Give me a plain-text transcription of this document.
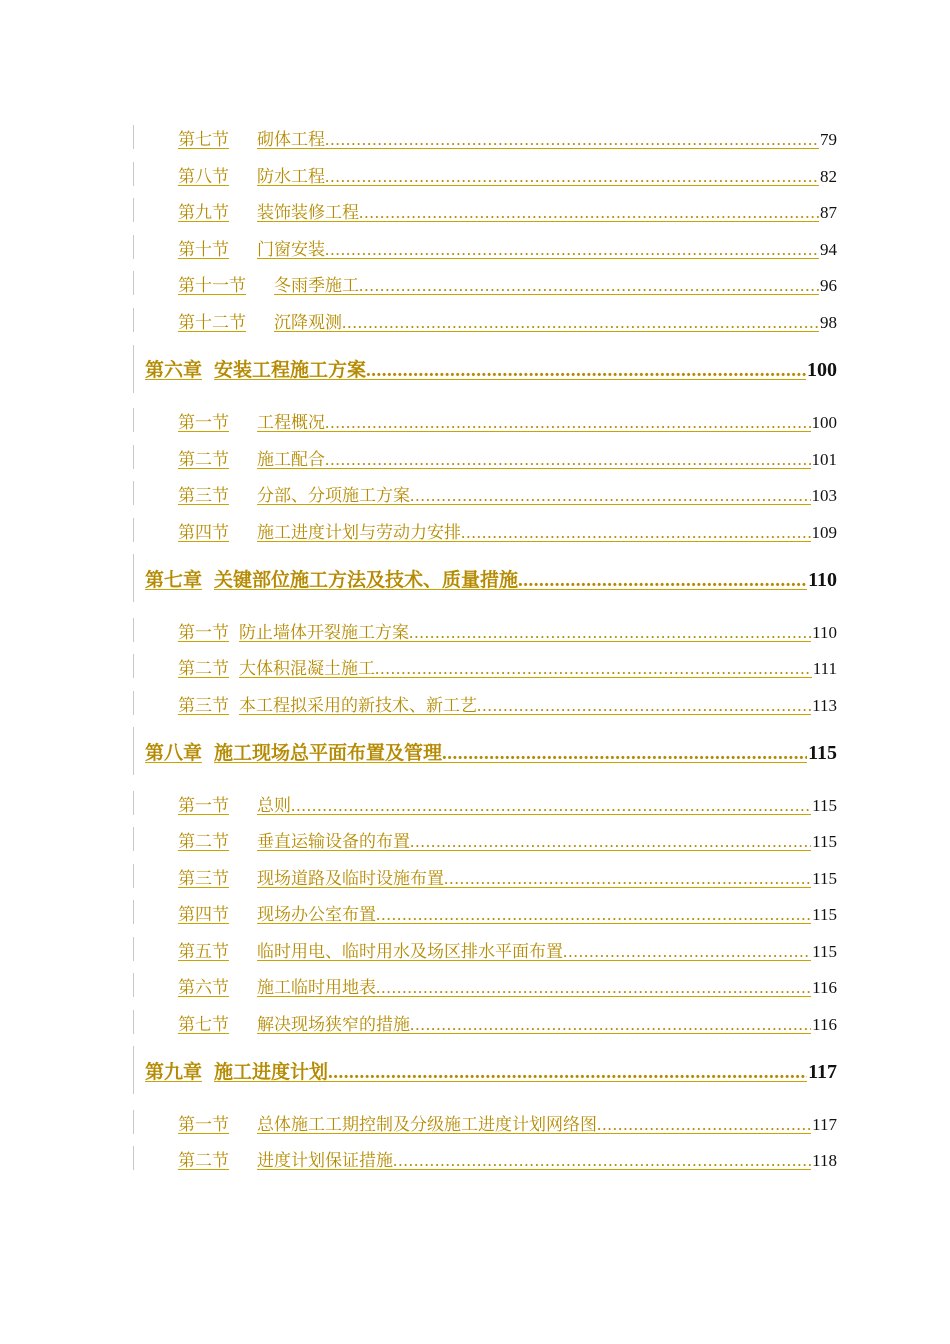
第七节 砌体工程 .....	79
第八节 防水工程 .....	82
第九节 装饰装修工程 .....	87
第十节 门窗安装 .....	94
第十一节 冬雨季施工 .....	96
第十二节 沉降观测 .....	98
第六章 安装工程施工方案 .....	100
第一节 工程概况 .....	100
第二节 施工配合 .....	101
第三节 分部、分项施工方案 .....	103
第四节 施工进度计划与劳动力安排 .....	109
第七章 关键部位施工方法及技术、质量措施 .....	110
第一节 防止墙体开裂施工方案 .....	110
第二节 大体积混凝土施工 .....	111
第三节 本工程拟采用的新技术、新工艺 .....	113
第八章 施工现场总平面布置及管理 .....	115
第一节 总则 .....	115
第二节 垂直运输设备的布置 .....	115
第三节 现场道路及临时设施布置 .....	115
第四节 现场办公室布置 .....	115
第五节 临时用电、临时用水及场区排水平面布置 .....	115
第六节 施工临时用地表 .....	116
第七节 解决现场狭窄的措施 .....	116
第九章 施工进度计划 .....	117
第一节 总体施工工期控制及分级施工进度计划网络图 .....	117
第二节 进度计划保证措施 .....	118
